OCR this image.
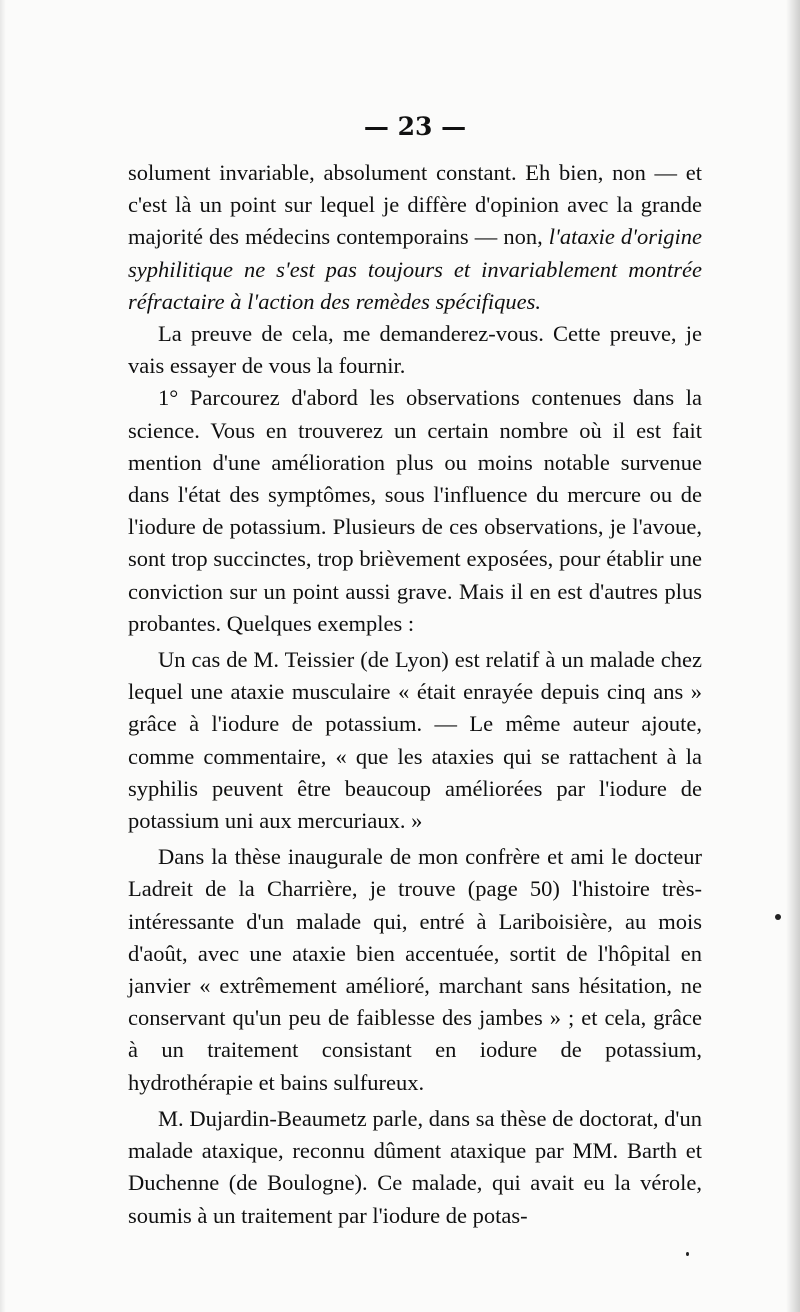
— 23 —

solument invariable, absolument constant. Eh bien, non — et c'est là un point sur lequel je diffère d'opinion avec la grande majorité des médecins contemporains — non, l'ataxie d'origine syphilitique ne s'est pas toujours et invariablement montrée réfractaire à l'action des remèdes spécifiques.

La preuve de cela, me demanderez-vous. Cette preuve, je vais essayer de vous la fournir.

1° Parcourez d'abord les observations contenues dans la science. Vous en trouverez un certain nombre où il est fait mention d'une amélioration plus ou moins notable survenue dans l'état des symptômes, sous l'influence du mercure ou de l'iodure de potassium. Plusieurs de ces observations, je l'avoue, sont trop succinctes, trop brièvement exposées, pour établir une conviction sur un point aussi grave. Mais il en est d'autres plus probantes. Quelques exemples :

Un cas de M. Teissier (de Lyon) est relatif à un malade chez lequel une ataxie musculaire « était enrayée depuis cinq ans » grâce à l'iodure de potassium. — Le même auteur ajoute, comme commentaire, « que les ataxies qui se rattachent à la syphilis peuvent être beaucoup améliorées par l'iodure de potassium uni aux mercuriaux. »

Dans la thèse inaugurale de mon confrère et ami le docteur Ladreit de la Charrière, je trouve (page 50) l'histoire très-intéressante d'un malade qui, entré à Lariboisière, au mois d'août, avec une ataxie bien accentuée, sortit de l'hôpital en janvier « extrêmement amélioré, marchant sans hésitation, ne conservant qu'un peu de faiblesse des jambes » ; et cela, grâce à un traitement consistant en iodure de potassium, hydrothérapie et bains sulfureux.

M. Dujardin-Beaumetz parle, dans sa thèse de doctorat, d'un malade ataxique, reconnu dûment ataxique par MM. Barth et Duchenne (de Boulogne). Ce malade, qui avait eu la vérole, soumis à un traitement par l'iodure de potas-
